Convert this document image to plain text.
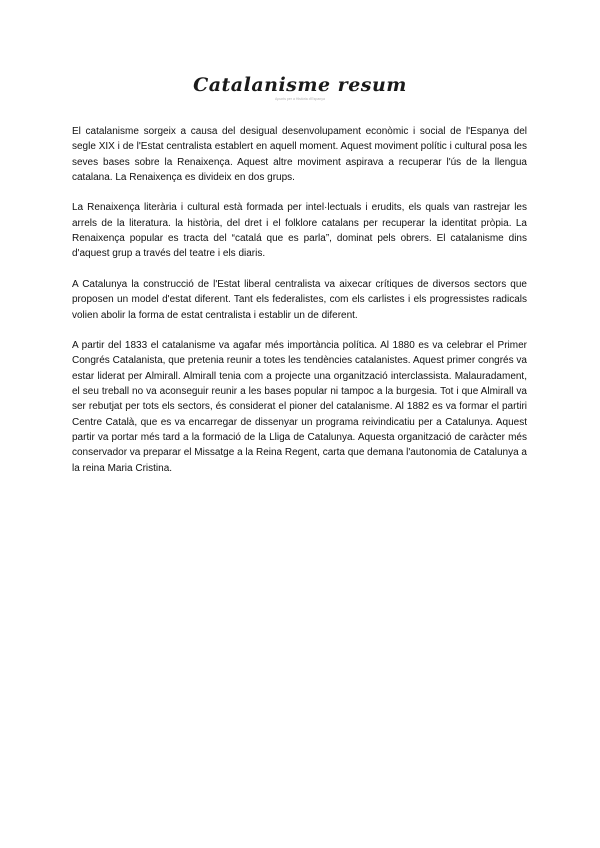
Catalanisme resum

Apunts per a Història d'Espanya

El catalanisme sorgeix a causa del desigual desenvolupament econòmic i social de l'Espanya del segle XIX i de l'Estat centralista establert en aquell moment. Aquest moviment polític i cultural posa les seves bases sobre la Renaixença. Aquest altre moviment aspirava a recuperar l'ús de la llengua catalana. La Renaixença es divideix en dos grups.

La Renaixença literària i cultural està formada per intel·lectuals i erudits, els quals van rastrejar les arrels de la literatura. la història, del dret i el folklore catalans per recuperar la identitat pròpia. La Renaixença popular es tracta del “catalá que es parla”, dominat pels obrers. El catalanisme dins d'aquest grup a través del teatre i els diaris.

A Catalunya la construcció de l'Estat liberal centralista va aixecar crítiques de diversos sectors que proposen un model d'estat diferent. Tant els federalistes, com els carlistes i els progressistes radicals volien abolir la forma de estat centralista i establir un de diferent.

A partir del 1833 el catalanisme va agafar més importància política. Al 1880 es va celebrar el Primer Congrés Catalanista, que pretenia reunir a totes les tendències catalanistes. Aquest primer congrés va estar liderat per Almirall. Almirall tenia com a projecte una organització interclassista. Malauradament, el seu treball no va aconseguir reunir a les bases popular ni tampoc a la burgesia. Tot i que Almirall va ser rebutjat per tots els sectors, és considerat el pioner del catalanisme. Al 1882 es va formar el partiri Centre Català, que es va encarregar de dissenyar un programa reivindicatiu per a Catalunya. Aquest partir va portar més tard a la formació de la Lliga de Catalunya. Aquesta organització de caràcter més conservador va preparar el Missatge a la Reina Regent, carta que demana l'autonomia de Catalunya a la reina Maria Cristina.
